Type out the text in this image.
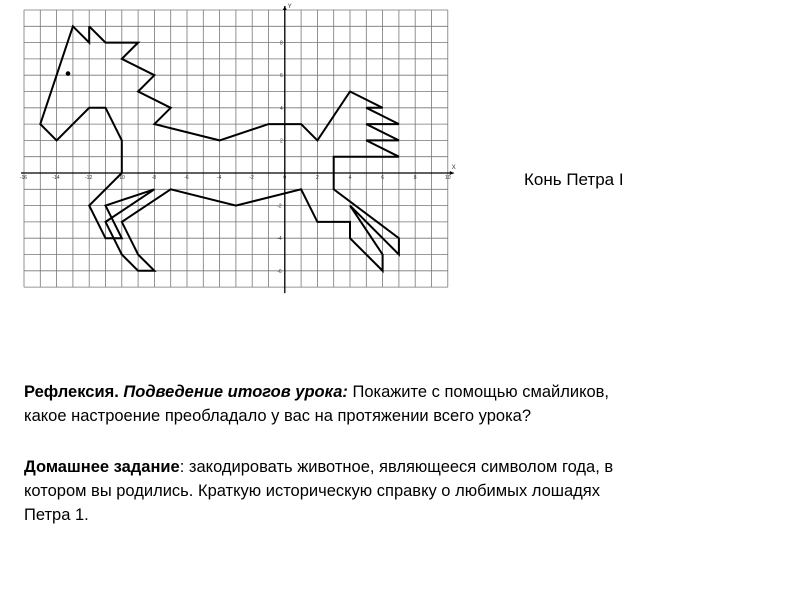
-16	-14	-12	-10	-8	-6	-4	-2	0	2	4	6	8	10
8
6
4
2
-2
-4
-6
X
Y
Конь Петра I
Рефлексия. Подведение итогов урока: Покажите с помощью смайликов,
какое настроение преобладало у вас на протяжении всего урока?
Домашнее задание: закодировать животное, являющееся символом года, в
котором вы родились. Краткую историческую справку о любимых лошадях
Петра 1.
